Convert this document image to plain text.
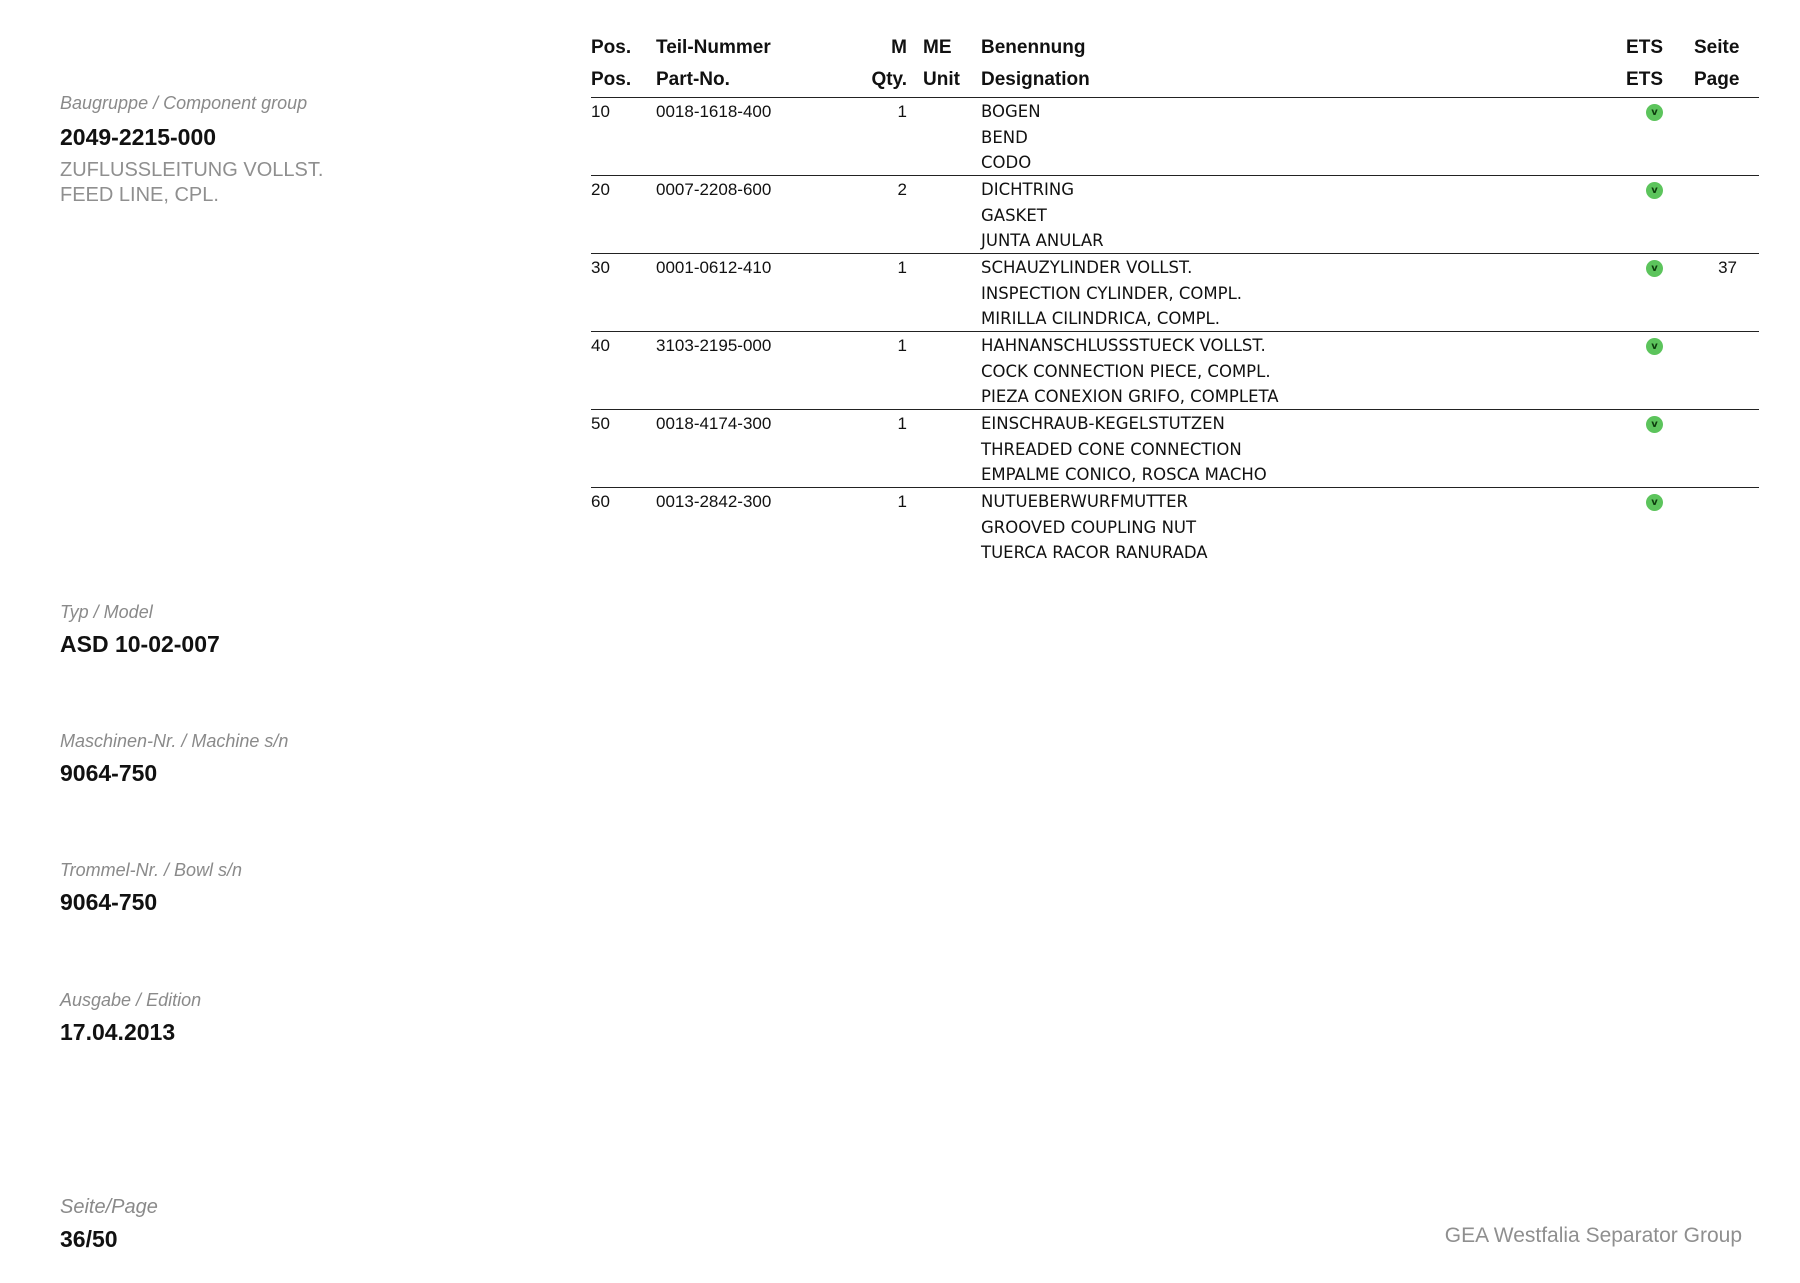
Baugruppe / Component group
2049-2215-000
ZUFLUSSLEITUNG VOLLST.
FEED LINE, CPL.
Typ / Model
ASD 10-02-007
Maschinen-Nr. / Machine s/n
9064-750
Trommel-Nr. / Bowl s/n
9064-750
Ausgabe / Edition
17.04.2013
Seite/Page
36/50	GEA Westfalia Separator Group
Pos. Teil-Nummer	M ME Benennung	ETS Seite
Pos. Part-No.	Qty. Unit Designation	ETS Page
10	0018-1618-400	1	BOGEN
BEND
CODO
v
20	0007-2208-600	2	DICHTRING
GASKET
JUNTA ANULAR
v
30	0001-0612-410	1	SCHAUZYLINDER VOLLST.
INSPECTION CYLINDER, COMPL.
MIRILLA CILINDRICA, COMPL.
v	37
40	3103-2195-000	1	HAHNANSCHLUSSSTUECK VOLLST.
COCK CONNECTION PIECE, COMPL.
PIEZA CONEXION GRIFO, COMPLETA
v
50	0018-4174-300	1	EINSCHRAUB-KEGELSTUTZEN
THREADED CONE CONNECTION
EMPALME CONICO, ROSCA MACHO
v
60	0013-2842-300	1	NUTUEBERWURFMUTTER
GROOVED COUPLING NUT
TUERCA RACOR RANURADA
v
